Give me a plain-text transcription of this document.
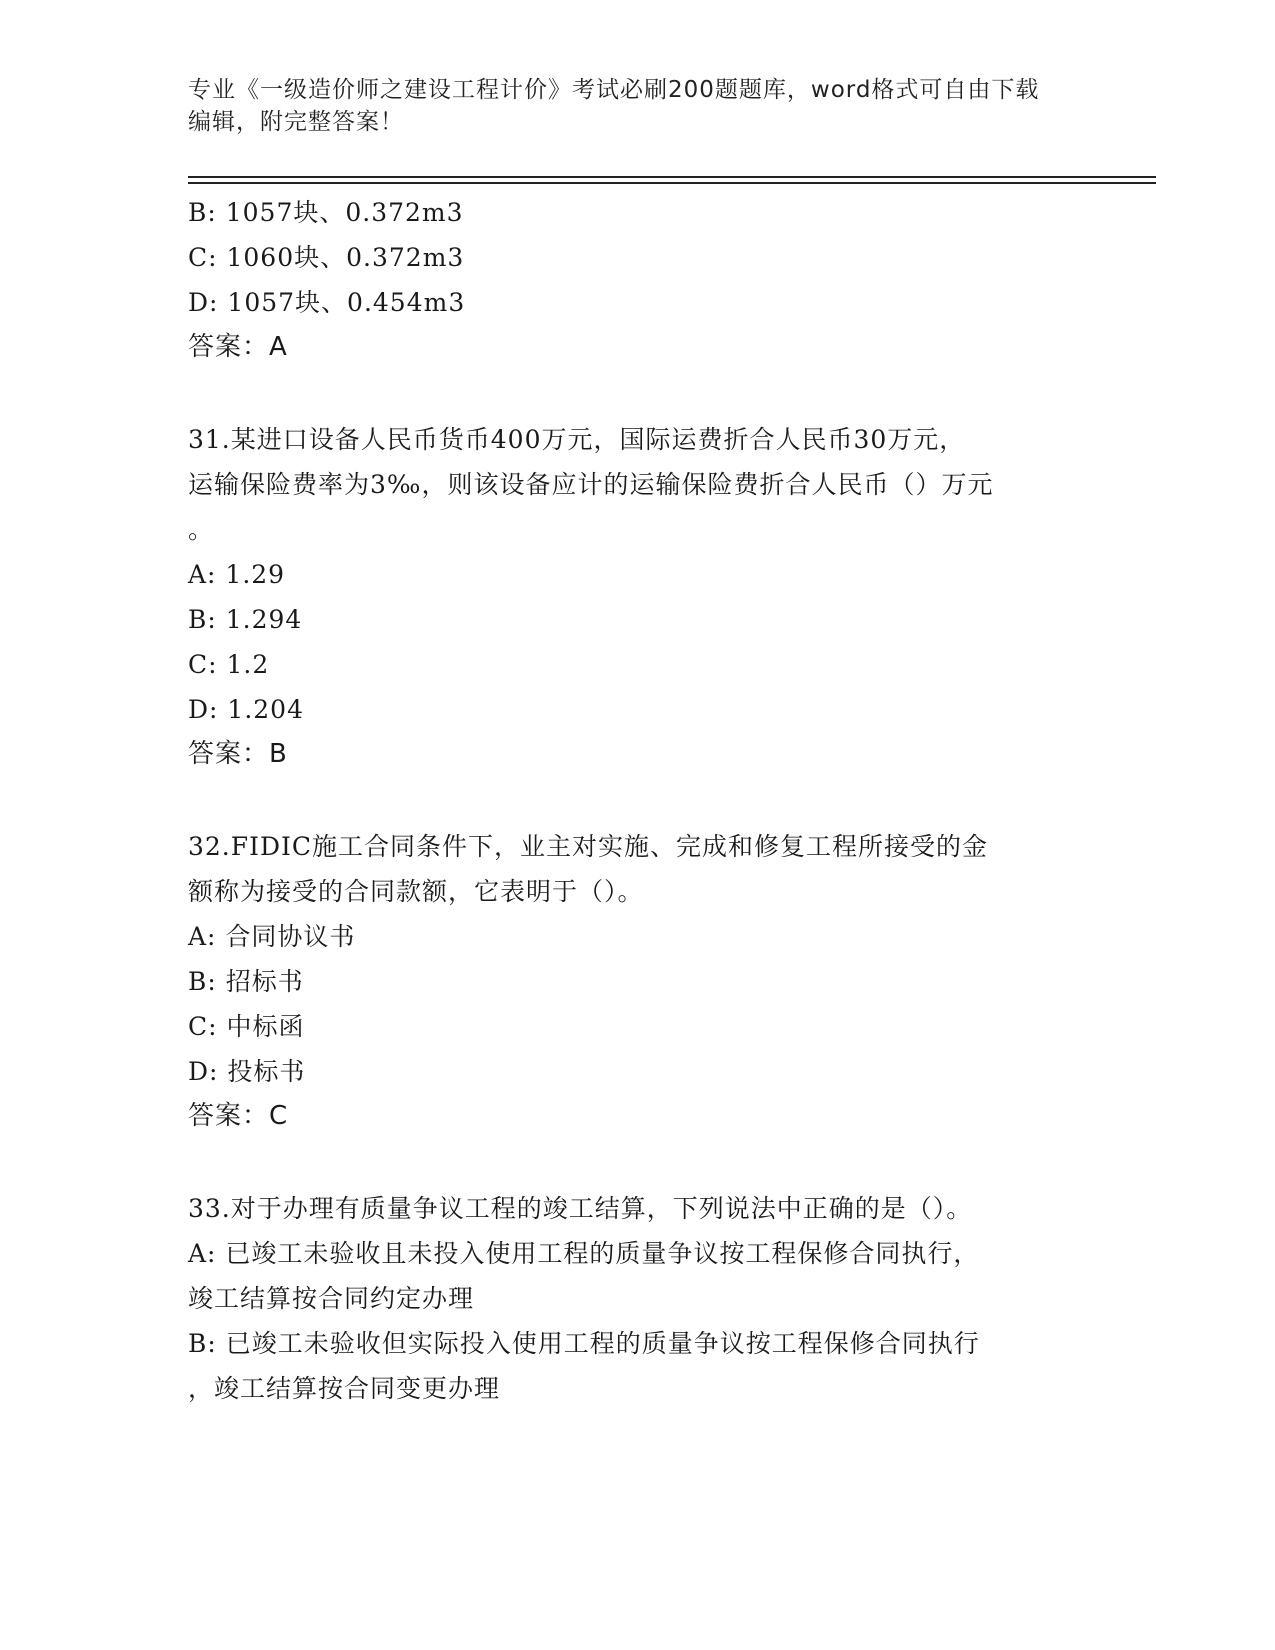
专业《一级造价师之建设工程计价》考试必刷200题题库，word格式可自由下载
编辑，附完整答案！
B: 1057块、0.372m3
C: 1060块、0.372m3
D: 1057块、0.454m3
答案：A
31.某进口设备人民币货币400万元，国际运费折合人民币30万元，
运输保险费率为3‰，则该设备应计的运输保险费折合人民币（）万元
。
A: 1.29
B: 1.294
C: 1.2
D: 1.204
答案：B
32.FIDIC施工合同条件下，业主对实施、完成和修复工程所接受的金
额称为接受的合同款额，它表明于（）。
A: 合同协议书
B: 招标书
C: 中标函
D: 投标书
答案：C
33.对于办理有质量争议工程的竣工结算，下列说法中正确的是（）。
A: 已竣工未验收且未投入使用工程的质量争议按工程保修合同执行，
竣工结算按合同约定办理
B: 已竣工未验收但实际投入使用工程的质量争议按工程保修合同执行
，竣工结算按合同变更办理
